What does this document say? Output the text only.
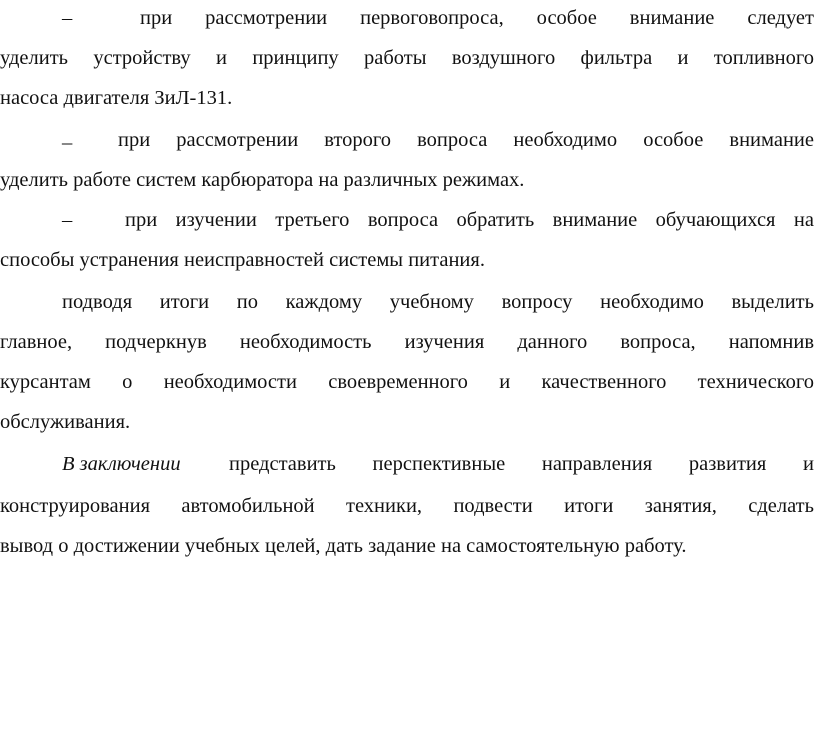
–	при рассмотрении первоговопроса, особое внимание следует
уделить устройству и принципу работы воздушного фильтра и топливного
насоса двигателя ЗиЛ-131.
_ при рассмотрении второго вопроса необходимо особое внимание
уделить работе систем карбюратора на различных режимах.
–	при изучении третьего вопроса обратить внимание обучающихся на
способы устранения неисправностей системы питания.
подводя итоги по каждому учебному вопросу необходимо выделить
главное, подчеркнув необходимость изучения данного вопроса, напомнив
курсантам о необходимости своевременного и качественного технического
обслуживания.
В заключении представить перспективные направления развития и
конструирования автомобильной техники, подвести итоги занятия, сделать
вывод о достижении учебных целей, дать задание на самостоятельную работу.
